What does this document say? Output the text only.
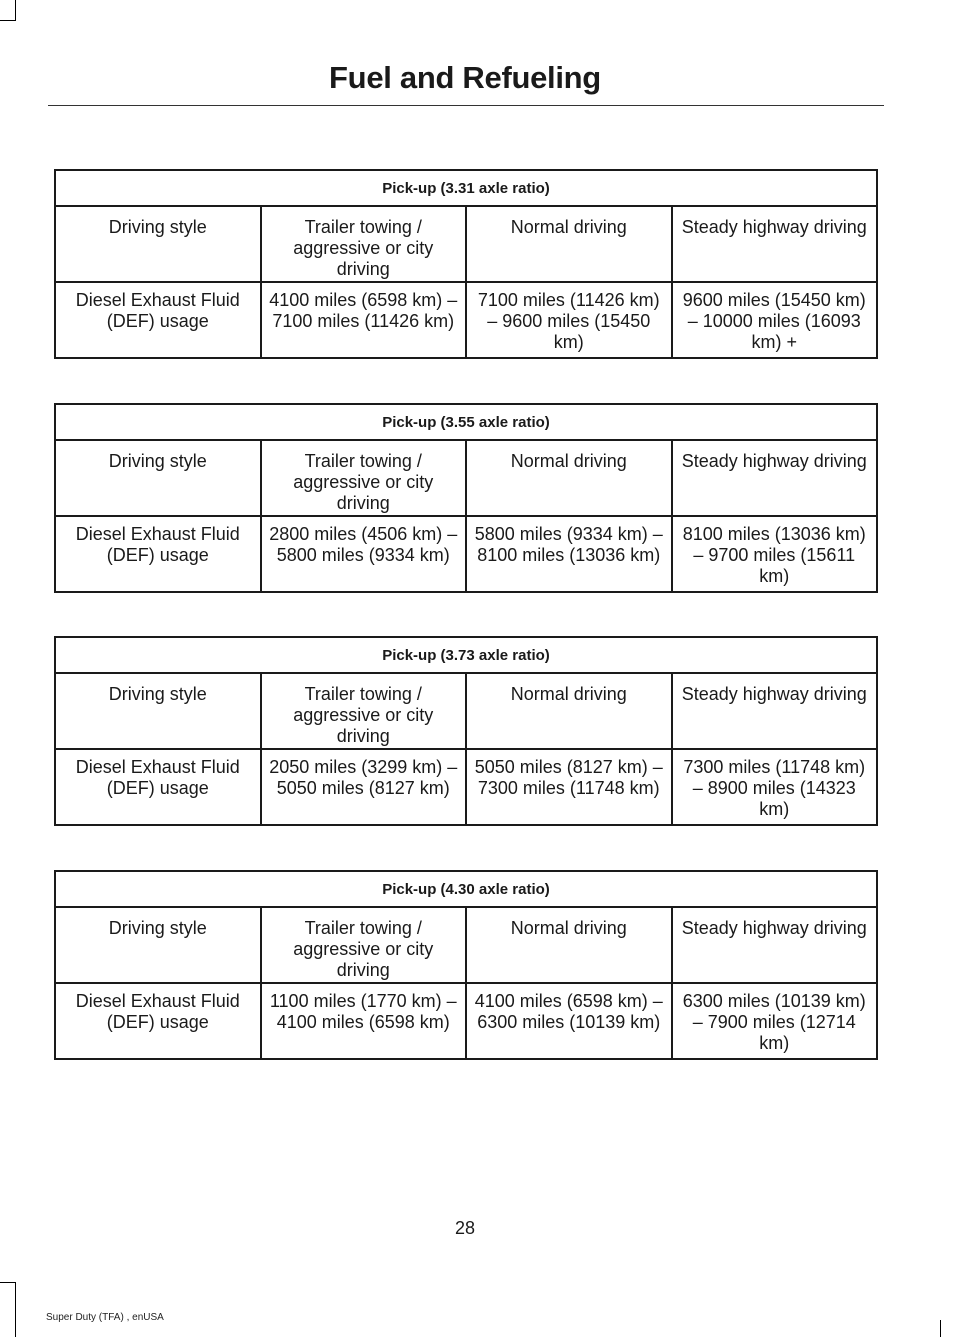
Fuel and Refueling
Pick-up (3.31 axle ratio)			
Driving style	Trailer towing / aggressive or city driving	Normal driving	Steady highway driving
Diesel Exhaust Fluid (DEF) usage	4100 miles (6598 km) – 7100 miles (11426 km)	7100 miles (11426 km) – 9600 miles (15450 km)	9600 miles (15450 km) – 10000 miles (16093 km) +
Pick-up (3.55 axle ratio)			
Driving style	Trailer towing / aggressive or city driving	Normal driving	Steady highway driving
Diesel Exhaust Fluid (DEF) usage	2800 miles (4506 km) – 5800 miles (9334 km)	5800 miles (9334 km) – 8100 miles (13036 km)	8100 miles (13036 km) – 9700 miles (15611 km)
Pick-up (3.73 axle ratio)			
Driving style	Trailer towing / aggressive or city driving	Normal driving	Steady highway driving
Diesel Exhaust Fluid (DEF) usage	2050 miles (3299 km) – 5050 miles (8127 km)	5050 miles (8127 km) – 7300 miles (11748 km)	7300 miles (11748 km) – 8900 miles (14323 km)
Pick-up (4.30 axle ratio)			
Driving style	Trailer towing / aggressive or city driving	Normal driving	Steady highway driving
Diesel Exhaust Fluid (DEF) usage	1100 miles (1770 km) – 4100 miles (6598 km)	4100 miles (6598 km) – 6300 miles (10139 km)	6300 miles (10139 km) – 7900 miles (12714 km)
28
Super Duty (TFA) , enUSA
